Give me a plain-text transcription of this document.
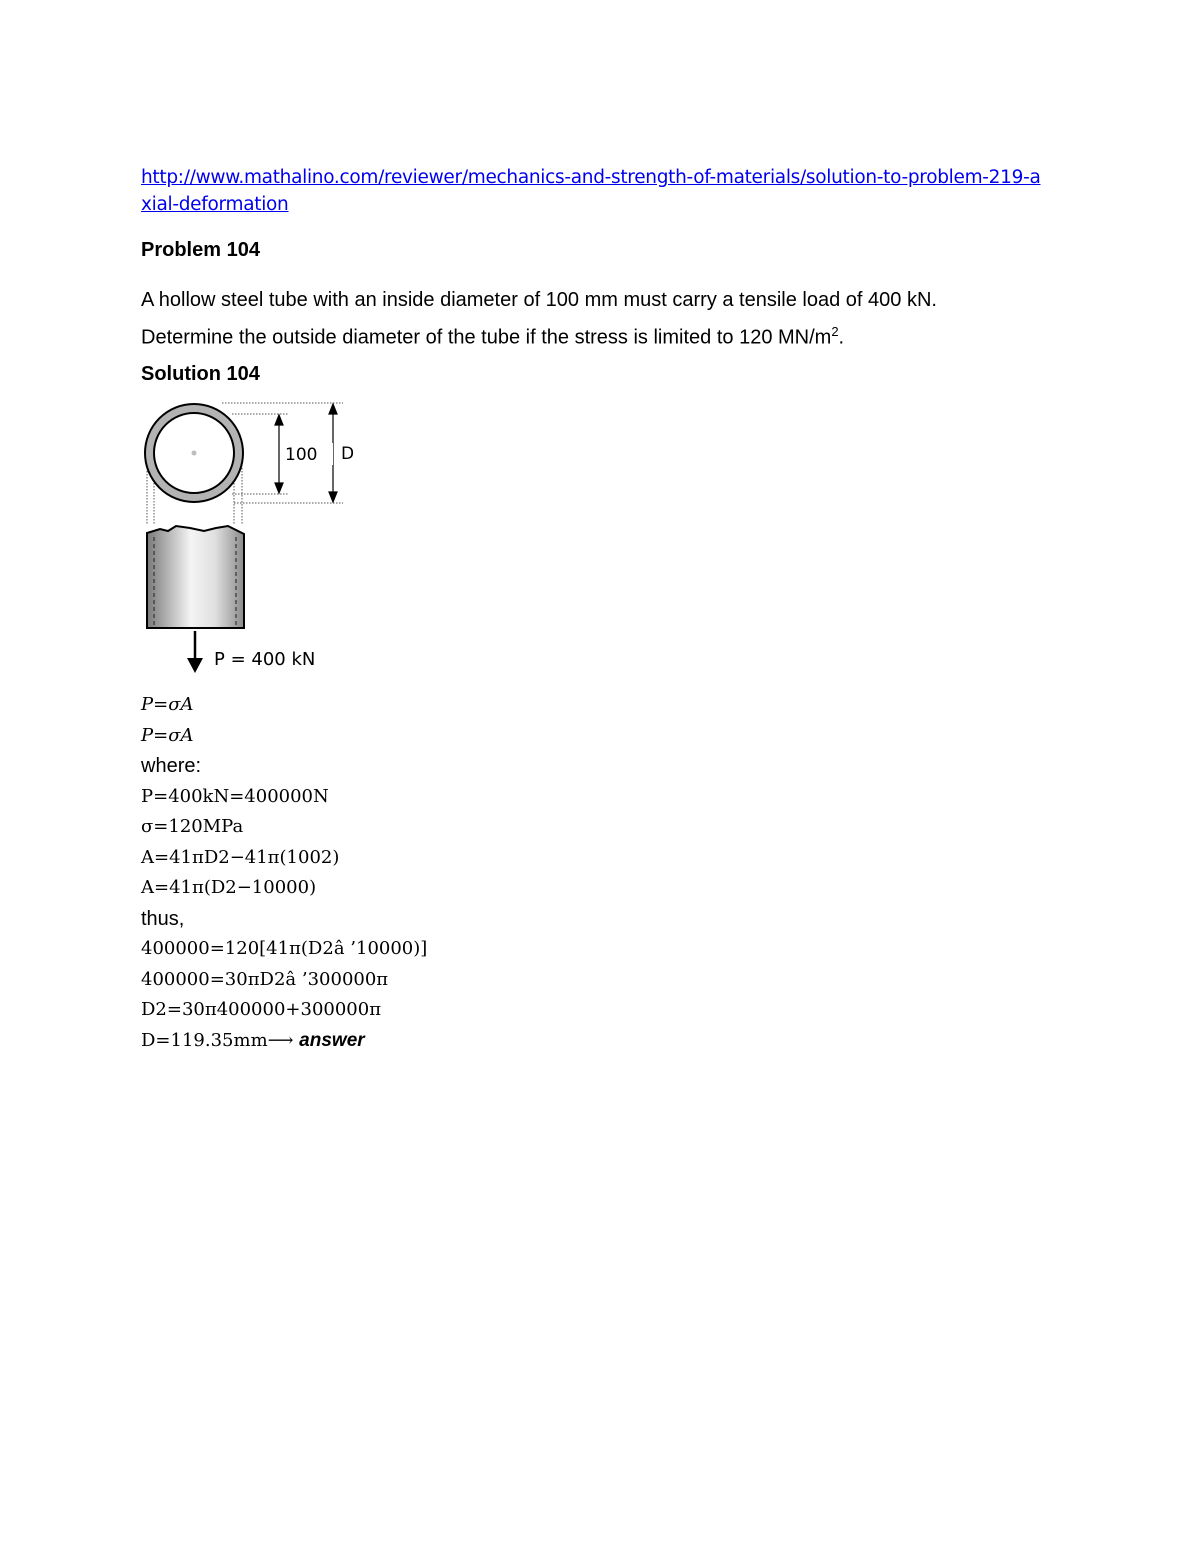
http://www.mathalino.com/reviewer/mechanics-and-strength-of-materials/solution-to-problem-219-axial-deformation
Problem 104
A hollow steel tube with an inside diameter of 100 mm must carry a tensile load of 400 kN.
Determine the outside diameter of the tube if the stress is limited to 120 $MN/m^2$.
Solution 104
100 D
P = 400 kN
P=σA
P=σA
where:
P=400kN=400000N
σ=120MPa
A=41πD2−41π(1002)
A=41π(D2−10000)
thus,
400000=120[41π(D2â ’10000)]
400000=30πD2â ’300000π
D2=30π400000+300000π
D=119.35mm⟶ answer
